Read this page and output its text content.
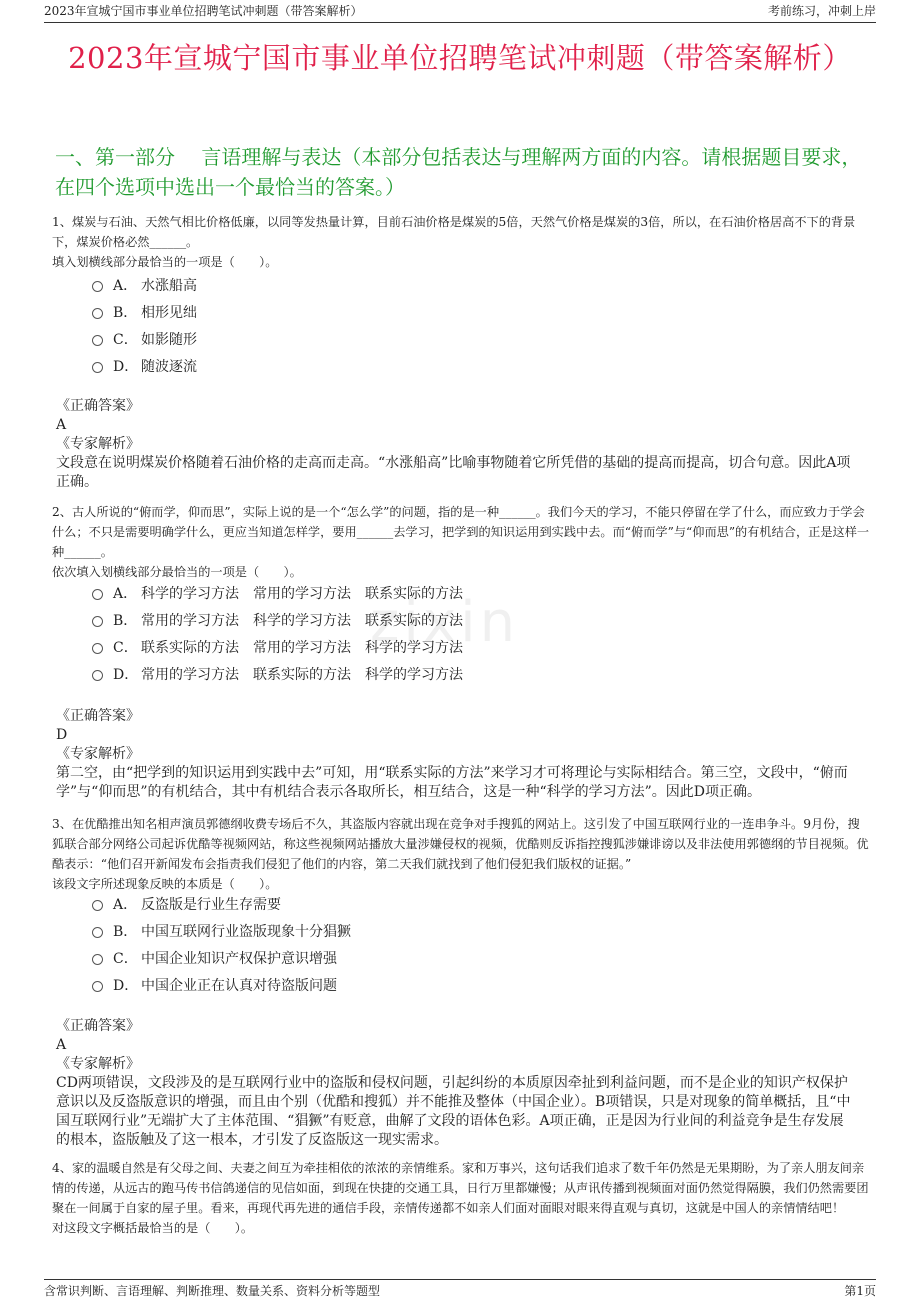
2023年宣城宁国市事业单位招聘笔试冲刺题（带答案解析）	考前练习，冲刺上岸
2023年宣城宁国市事业单位招聘笔试冲刺题（带答案解析）
一、第一部分　 言语理解与表达（本部分包括表达与理解两方面的内容。请根据题目要求，在四个选项中选出一个最恰当的答案。）
zixin

1、煤炭与石油、天然气相比价格低廉，以同等发热量计算，目前石油价格是煤炭的5倍，天然气价格是煤炭的3倍，所以，在石油价格居高不下的背景下，煤炭价格必然______。

填入划横线部分最恰当的一项是（　　）。

A． 水涨船高
B． 相形见绌
C． 如影随形
D． 随波逐流

《正确答案》

A

《专家解析》

文段意在说明煤炭价格随着石油价格的走高而走高。“水涨船高”比喻事物随着它所凭借的基础的提高而提高，切合句意。因此A项正确。

2、古人所说的“俯而学，仰而思”，实际上说的是一个“怎么学”的问题，指的是一种______。我们今天的学习，不能只停留在学了什么，而应致力于学会什么；不只是需要明确学什么，更应当知道怎样学，要用______去学习，把学到的知识运用到实践中去。而“俯而学”与“仰而思”的有机结合，正是这样一种______。

依次填入划横线部分最恰当的一项是（　　）。

A． 科学的学习方法　常用的学习方法　联系实际的方法
B． 常用的学习方法　科学的学习方法　联系实际的方法
C． 联系实际的方法　常用的学习方法　科学的学习方法
D． 常用的学习方法　联系实际的方法　科学的学习方法

《正确答案》

D

《专家解析》

第二空，由“把学到的知识运用到实践中去”可知，用“联系实际的方法”来学习才可将理论与实际相结合。第三空，文段中，“俯而学”与“仰而思”的有机结合，其中有机结合表示各取所长，相互结合，这是一种“科学的学习方法”。因此D项正确。

3、在优酷推出知名相声演员郭德纲收费专场后不久，其盗版内容就出现在竞争对手搜狐的网站上。这引发了中国互联网行业的一连串争斗。9月份，搜狐联合部分网络公司起诉优酷等视频网站，称这些视频网站播放大量涉嫌侵权的视频，优酷则反诉指控搜狐涉嫌诽谤以及非法使用郭德纲的节目视频。优酷表示：“他们召开新闻发布会指责我们侵犯了他们的内容，第二天我们就找到了他们侵犯我们版权的证据。”

该段文字所述现象反映的本质是（　　）。

A． 反盗版是行业生存需要
B． 中国互联网行业盗版现象十分猖獗
C． 中国企业知识产权保护意识增强
D． 中国企业正在认真对待盗版问题

《正确答案》

A

《专家解析》

CD两项错误，文段涉及的是互联网行业中的盗版和侵权问题，引起纠纷的本质原因牵扯到利益问题，而不是企业的知识产权保护意识以及反盗版意识的增强，而且由个别（优酷和搜狐）并不能推及整体（中国企业）。B项错误，只是对现象的简单概括，且“中国互联网行业”无端扩大了主体范围、“猖獗”有贬意，曲解了文段的语体色彩。A项正确，正是因为行业间的利益竞争是生存发展的根本，盗版触及了这一根本，才引发了反盗版这一现实需求。

4、家的温暖自然是有父母之间、夫妻之间互为牵挂相依的浓浓的亲情维系。家和万事兴，这句话我们追求了数千年仍然是无果期盼，为了亲人朋友间亲情的传递，从远古的跑马传书信鸽递信的见信如面，到现在快捷的交通工具，日行万里都嫌慢；从声讯传播到视频面对面仍然觉得隔膜，我们仍然需要团聚在一间属于自家的屋子里。看来，再现代再先进的通信手段，亲情传递都不如亲人们面对面眼对眼来得直观与真切，这就是中国人的亲情情结吧！

对这段文字概括最恰当的是（　　）。

含常识判断、言语理解、判断推理、数量关系、资料分析等题型	第1页
